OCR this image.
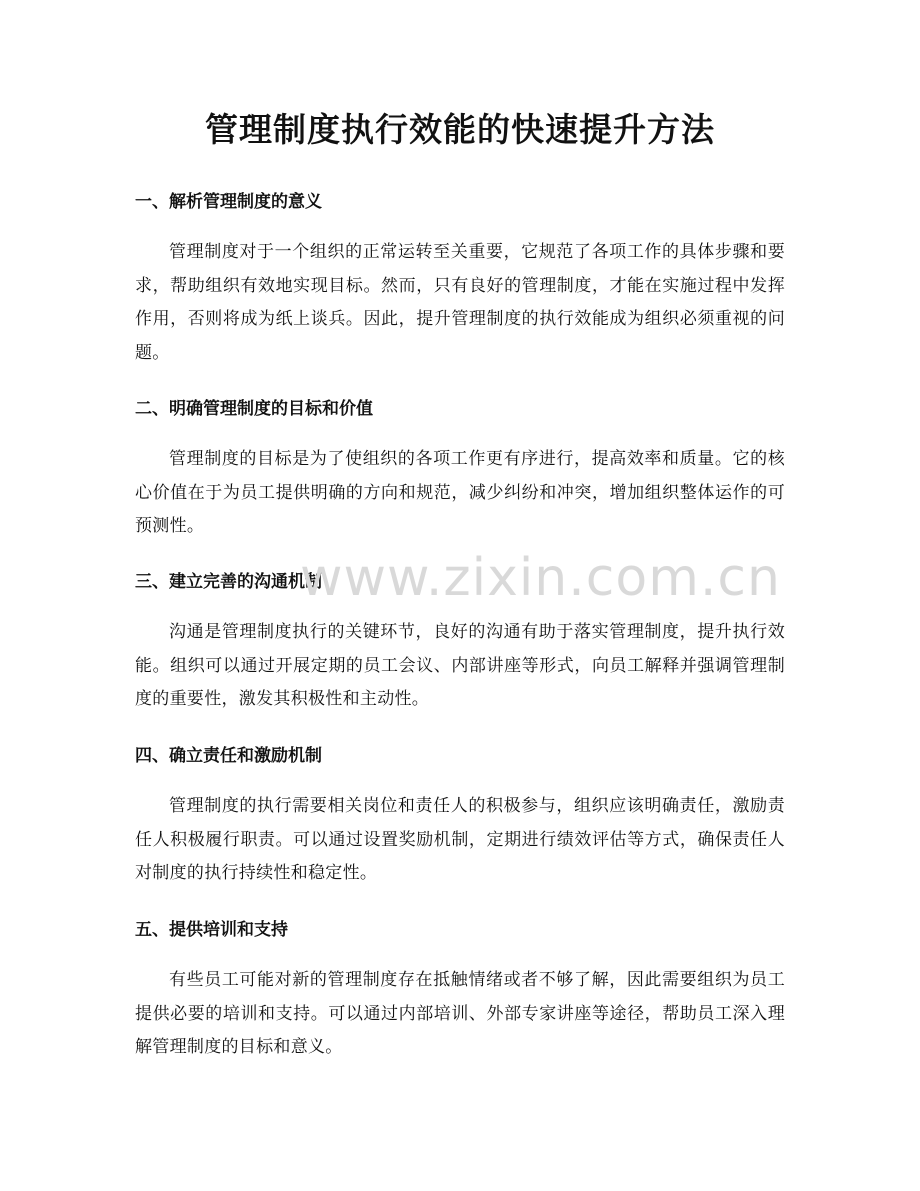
管理制度执行效能的快速提升方法
一、解析管理制度的意义

管理制度对于一个组织的正常运转至关重要，它规范了各项工作的具体步骤和要求，帮助组织有效地实现目标。然而，只有良好的管理制度，才能在实施过程中发挥作用，否则将成为纸上谈兵。因此，提升管理制度的执行效能成为组织必须重视的问题。

二、明确管理制度的目标和价值

管理制度的目标是为了使组织的各项工作更有序进行，提高效率和质量。它的核心价值在于为员工提供明确的方向和规范，减少纠纷和冲突，增加组织整体运作的可预测性。

三、建立完善的沟通机制

沟通是管理制度执行的关键环节，良好的沟通有助于落实管理制度，提升执行效能。组织可以通过开展定期的员工会议、内部讲座等形式，向员工解释并强调管理制度的重要性，激发其积极性和主动性。

四、确立责任和激励机制

管理制度的执行需要相关岗位和责任人的积极参与，组织应该明确责任，激励责任人积极履行职责。可以通过设置奖励机制，定期进行绩效评估等方式，确保责任人对制度的执行持续性和稳定性。

五、提供培训和支持

有些员工可能对新的管理制度存在抵触情绪或者不够了解，因此需要组织为员工提供必要的培训和支持。可以通过内部培训、外部专家讲座等途径，帮助员工深入理解管理制度的目标和意义。

www.zixin.com.cn
